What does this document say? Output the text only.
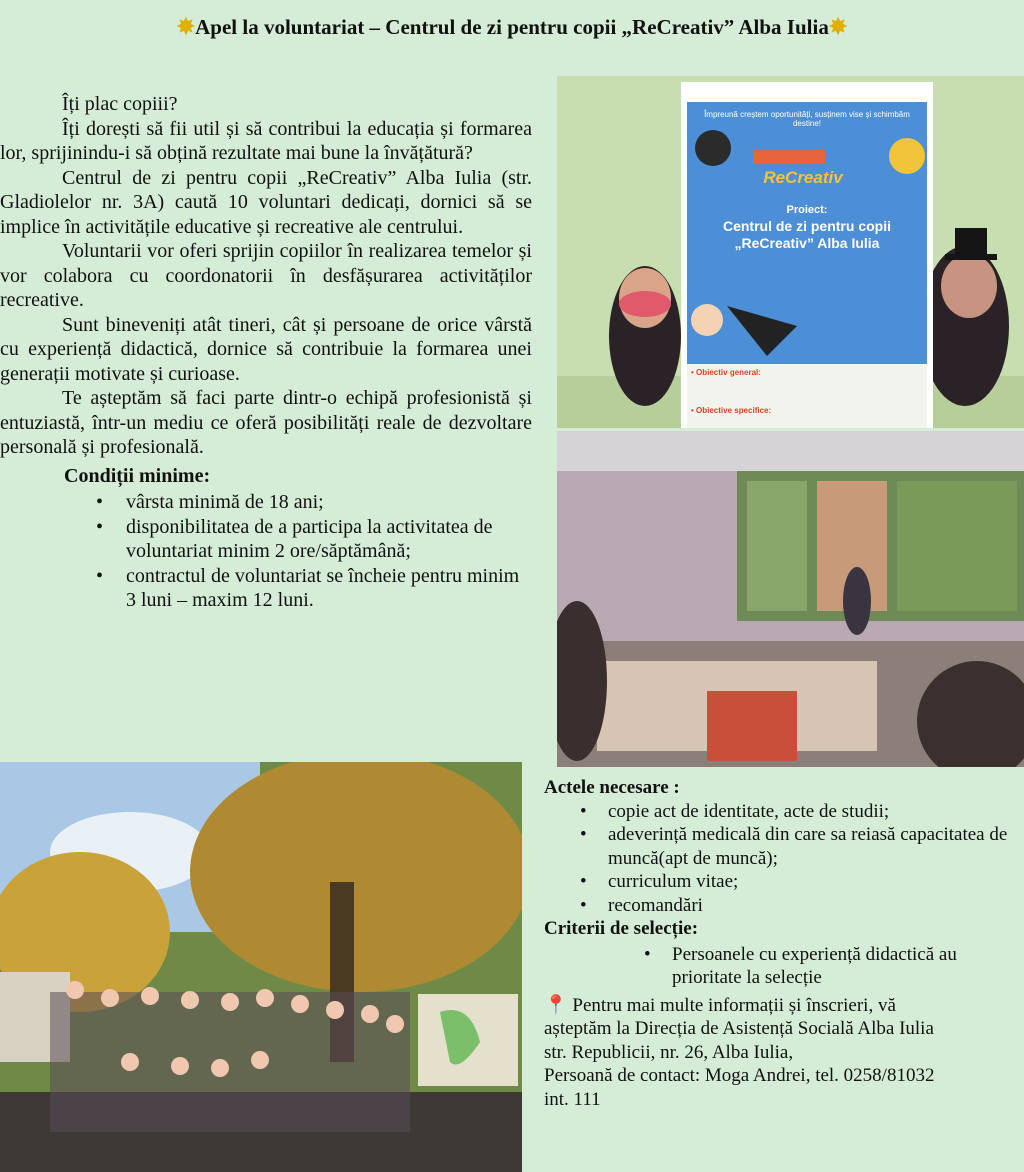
✸Apel la voluntariat – Centrul de zi pentru copii „ReCreativ” Alba Iulia✸

Îți plac copiii?

Îți dorești să fii util și să contribui la educația și formarea lor, sprijinindu-i să obțină rezultate mai bune la învățătură?

Centrul de zi pentru copii „ReCreativ” Alba Iulia (str. Gladiolelor nr. 3A) caută 10 voluntari dedicați, dornici să se implice în activitățile educative și recreative ale centrului.

Voluntarii vor oferi sprijin copiilor în realizarea temelor și vor colabora cu coordonatorii în desfășurarea activităților recreative.

Sunt bineveniți atât tineri, cât și persoane de orice vârstă cu experiență didactică, dornice să contribuie la formarea unei generații motivate și curioase.

Te așteptăm să faci parte dintr-o echipă profesionistă și entuziastă, într-un mediu ce oferă posibilități reale de dezvoltare personală și profesională.

Condiții minime:

• vârsta minimă de 18 ani;
• disponibilitatea de a participa la activitatea de voluntariat minim 2 ore/săptămână;
• contractul de voluntariat se încheie pentru minim 3 luni – maxim 12 luni.
Împreună creștem oportunități, susținem vise și schimbăm destine!
ReCreativ
Proiect:
Centrul de zi pentru copii
„ReCreativ” Alba Iulia
• Obiectiv general:
• Obiective specifice:

Actele necesare :

• copie act de identitate, acte de studii;
• adeverință medicală din care sa reiasă capacitatea de muncă(apt de muncă);
• curriculum vitae;
• recomandări

Criterii de selecție:

• Persoanele cu experiență didactică au prioritate la selecție

📍 Pentru mai multe informații și înscrieri, vă

așteptăm la Direcția de Asistență Socială Alba Iulia

str. Republicii, nr. 26, Alba Iulia,

Persoană de contact: Moga Andrei, tel. 0258/81032

int. 111
